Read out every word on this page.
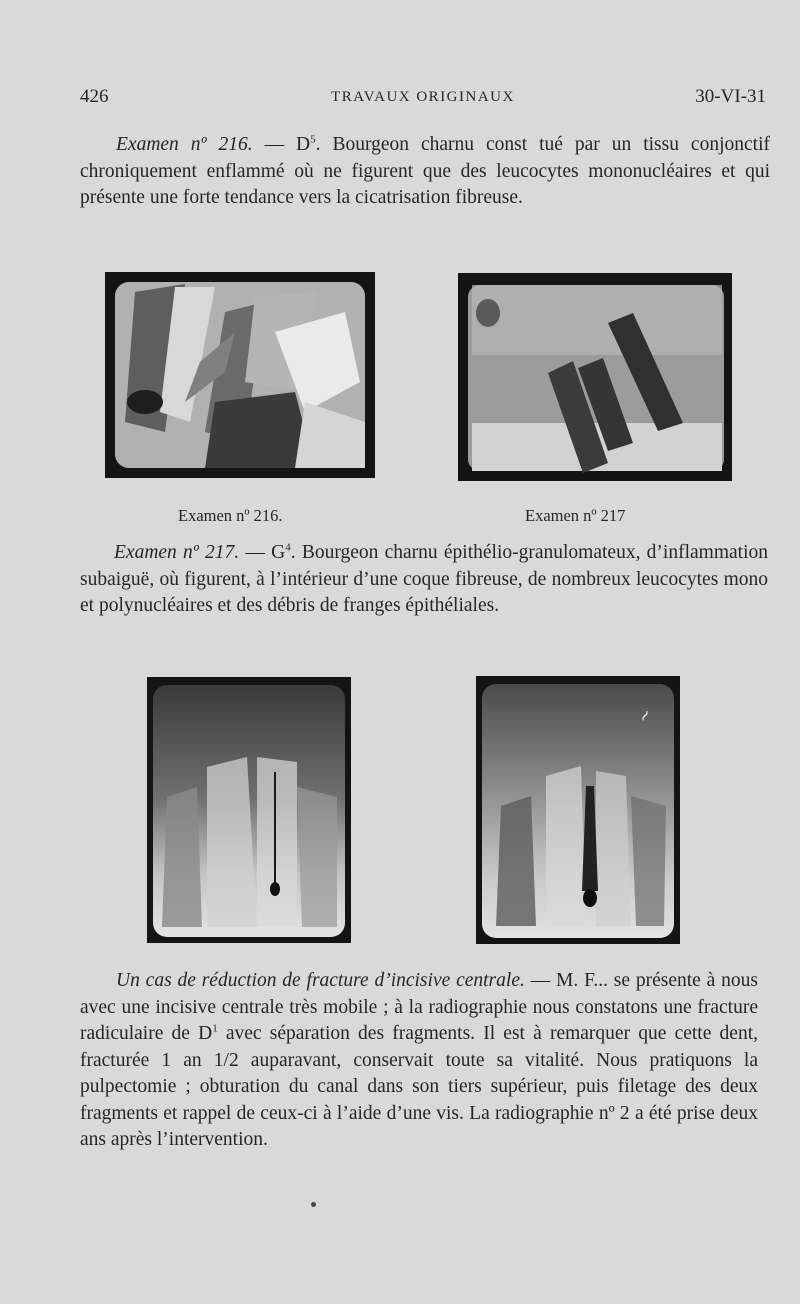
426	TRAVAUX ORIGINAUX	30-VI-31

Examen nº 216. — $D^5$. Bourgeon charnu const tué par un tissu conjonctif chroniquement enflammé où ne figurent que des leucocytes mononucléaires et qui présente une forte tendance vers la cicatrisation fibreuse.

Examen nº 216.	Examen nº 217

Examen nº 217. — $G^4$. Bourgeon charnu épithélio-granulomateux, d’inflammation subaiguë, où figurent, à l’intérieur d’une coque fibreuse, de nombreux leucocytes mono et polynucléaires et des débris de franges épithéliales.

~

Un cas de réduction de fracture d’incisive centrale. — M. F... se présente à nous avec une incisive centrale très mobile ; à la radiographie nous constatons une fracture radiculaire de $D^1$ avec séparation des fragments. Il est à remarquer que cette dent, fracturée 1 an 1/2 auparavant, conservait toute sa vitalité. Nous pratiquons la pulpectomie ; obturation du canal dans son tiers supérieur, puis filetage des deux fragments et rappel de ceux-ci à l’aide d’une vis. La radiographie nº 2 a été prise deux ans après l’intervention.
